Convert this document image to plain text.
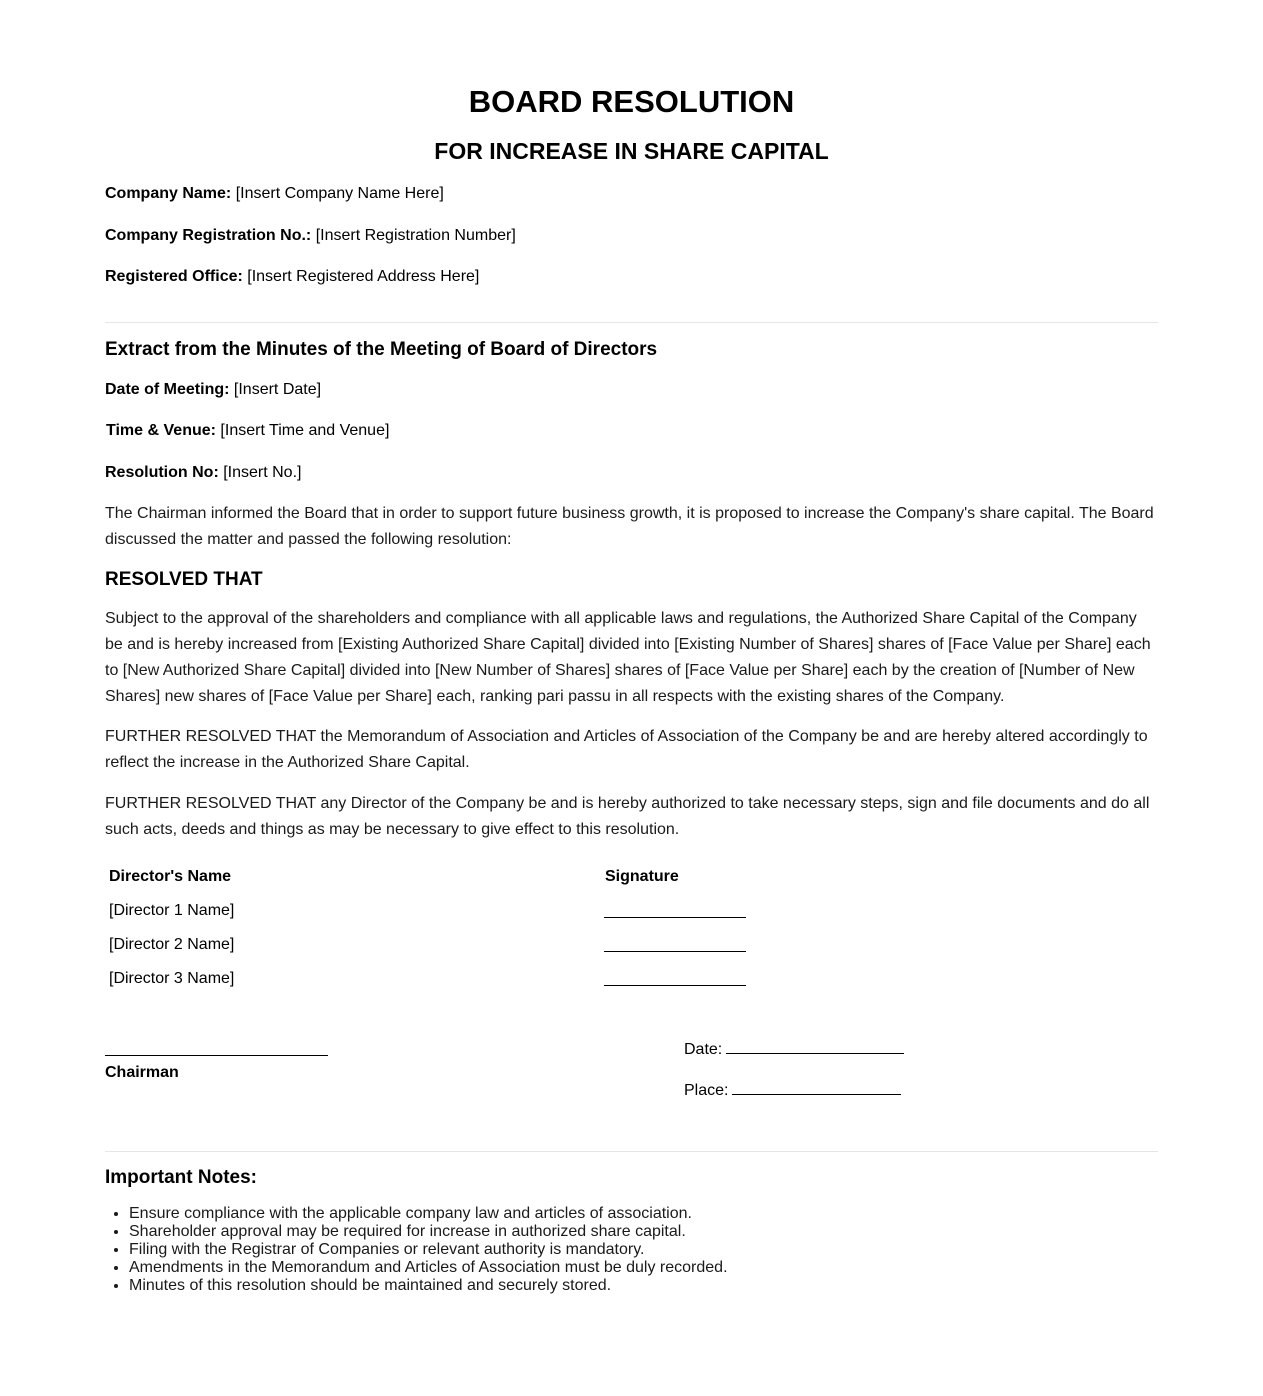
BOARD RESOLUTION
FOR INCREASE IN SHARE CAPITAL
Company Name: [Insert Company Name Here]
Company Registration No.: [Insert Registration Number]
Registered Office: [Insert Registered Address Here]
Extract from the Minutes of the Meeting of Board of Directors
Date of Meeting: [Insert Date]
Time & Venue: [Insert Time and Venue]
Resolution No: [Insert No.]

The Chairman informed the Board that in order to support future business growth, it is proposed to increase the Company's share capital. The Board discussed the matter and passed the following resolution:

RESOLVED THAT

Subject to the approval of the shareholders and compliance with all applicable laws and regulations, the Authorized Share Capital of the Company be and is hereby increased from [Existing Authorized Share Capital] divided into [Existing Number of Shares] shares of [Face Value per Share] each to [New Authorized Share Capital] divided into [New Number of Shares] shares of [Face Value per Share] each by the creation of [Number of New Shares] new shares of [Face Value per Share] each, ranking pari passu in all respects with the existing shares of the Company.

FURTHER RESOLVED THAT the Memorandum of Association and Articles of Association of the Company be and are hereby altered accordingly to reflect the increase in the Authorized Share Capital.

FURTHER RESOLVED THAT any Director of the Company be and is hereby authorized to take necessary steps, sign and file documents and do all such acts, deeds and things as may be necessary to give effect to this resolution.

Director's Name	Signature
[Director 1 Name]
[Director 2 Name]
[Director 3 Name]
Chairman
Date:
Place:
Important Notes:
• Ensure compliance with the applicable company law and articles of association.
• Shareholder approval may be required for increase in authorized share capital.
• Filing with the Registrar of Companies or relevant authority is mandatory.
• Amendments in the Memorandum and Articles of Association must be duly recorded.
• Minutes of this resolution should be maintained and securely stored.
